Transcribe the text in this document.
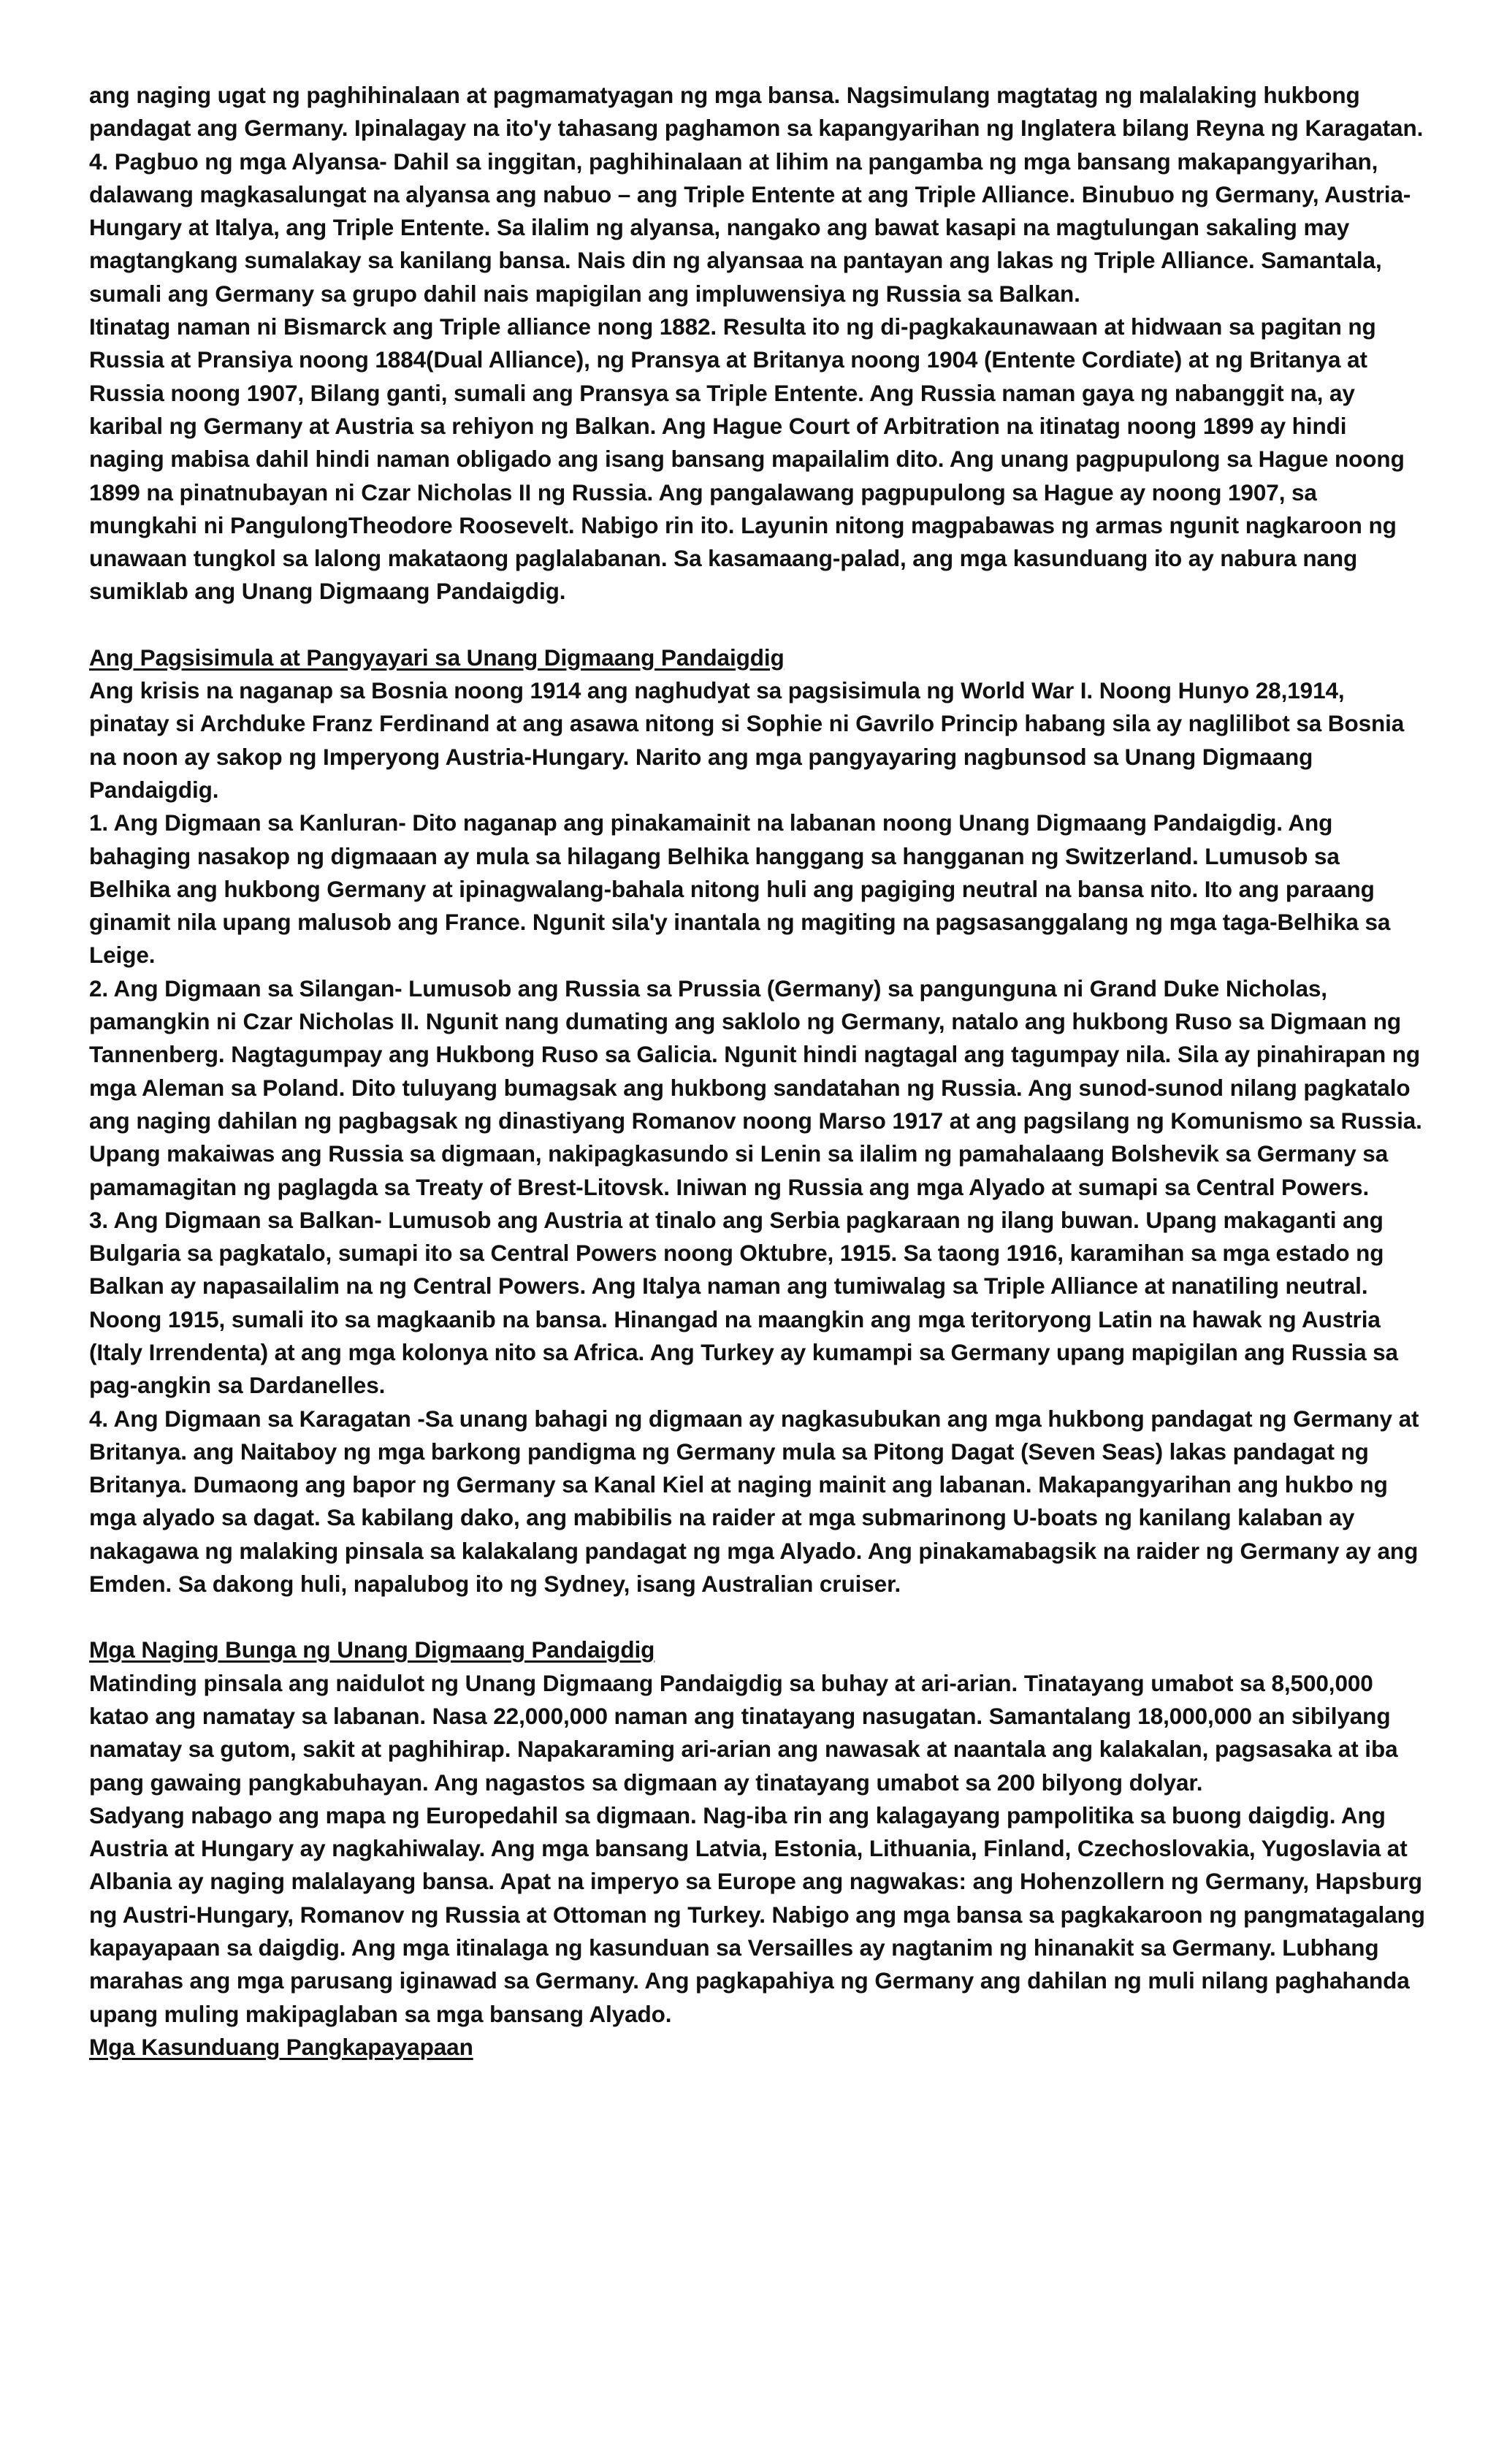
ang naging ugat ng paghihinalaan at pagmamatyagan ng mga bansa. Nagsimulang magtatag ng malalaking hukbong pandagat ang Germany. Ipinalagay na ito'y tahasang paghamon sa kapangyarihan ng Inglatera bilang Reyna ng Karagatan.

4. Pagbuo ng mga Alyansa- Dahil sa inggitan, paghihinalaan at lihim na pangamba ng mga bansang makapangyarihan, dalawang magkasalungat na alyansa ang nabuo – ang Triple Entente at ang Triple Alliance. Binubuo ng Germany, Austria-Hungary at Italya, ang Triple Entente. Sa ilalim ng alyansa, nangako ang bawat kasapi na magtulungan sakaling may magtangkang sumalakay sa kanilang bansa. Nais din ng alyansaa na pantayan ang lakas ng Triple Alliance. Samantala, sumali ang Germany sa grupo dahil nais mapigilan ang impluwensiya ng Russia sa Balkan.

Itinatag naman ni Bismarck ang Triple alliance nong 1882. Resulta ito ng di-pagkakaunawaan at hidwaan sa pagitan ng Russia at Pransiya noong 1884(Dual Alliance), ng Pransya at Britanya noong 1904 (Entente Cordiate) at ng Britanya at Russia noong 1907, Bilang ganti, sumali ang Pransya sa Triple Entente. Ang Russia naman gaya ng nabanggit na, ay karibal ng Germany at Austria sa rehiyon ng Balkan. Ang Hague Court of Arbitration na itinatag noong 1899 ay hindi naging mabisa dahil hindi naman obligado ang isang bansang mapailalim dito. Ang unang pagpupulong sa Hague noong 1899 na pinatnubayan ni Czar Nicholas II ng Russia. Ang pangalawang pagpupulong sa Hague ay noong 1907, sa mungkahi ni PangulongTheodore Roosevelt. Nabigo rin ito. Layunin nitong magpabawas ng armas ngunit nagkaroon ng unawaan tungkol sa lalong makataong paglalabanan. Sa kasamaang-palad, ang mga kasunduang ito ay nabura nang sumiklab ang Unang Digmaang Pandaigdig.

Ang Pagsisimula at Pangyayari sa Unang Digmaang Pandaigdig

Ang krisis na naganap sa Bosnia noong 1914 ang naghudyat sa pagsisimula ng World War I. Noong Hunyo 28,1914, pinatay si Archduke Franz Ferdinand at ang asawa nitong si Sophie ni Gavrilo Princip habang sila ay naglilibot sa Bosnia na noon ay sakop ng Imperyong Austria-Hungary. Narito ang mga pangyayaring nagbunsod sa Unang Digmaang Pandaigdig.

1. Ang Digmaan sa Kanluran- Dito naganap ang pinakamainit na labanan noong Unang Digmaang Pandaigdig. Ang bahaging nasakop ng digmaaan ay mula sa hilagang Belhika hanggang sa hangganan ng Switzerland. Lumusob sa Belhika ang hukbong Germany at ipinagwalang-bahala nitong huli ang pagiging neutral na bansa nito. Ito ang paraang ginamit nila upang malusob ang France. Ngunit sila'y inantala ng magiting na pagsasanggalang ng mga taga-Belhika sa Leige.

2. Ang Digmaan sa Silangan- Lumusob ang Russia sa Prussia (Germany) sa pangunguna ni Grand Duke Nicholas, pamangkin ni Czar Nicholas II. Ngunit nang dumating ang saklolo ng Germany, natalo ang hukbong Ruso sa Digmaan ng Tannenberg. Nagtagumpay ang Hukbong Ruso sa Galicia. Ngunit hindi nagtagal ang tagumpay nila. Sila ay pinahirapan ng mga Aleman sa Poland. Dito tuluyang bumagsak ang hukbong sandatahan ng Russia. Ang sunod-sunod nilang pagkatalo ang naging dahilan ng pagbagsak ng dinastiyang Romanov noong Marso 1917 at ang pagsilang ng Komunismo sa Russia. Upang makaiwas ang Russia sa digmaan, nakipagkasundo si Lenin sa ilalim ng pamahalaang Bolshevik sa Germany sa pamamagitan ng paglagda sa Treaty of Brest-Litovsk. Iniwan ng Russia ang mga Alyado at sumapi sa Central Powers.

3. Ang Digmaan sa Balkan- Lumusob ang Austria at tinalo ang Serbia pagkaraan ng ilang buwan. Upang makaganti ang Bulgaria sa pagkatalo, sumapi ito sa Central Powers noong Oktubre, 1915. Sa taong 1916, karamihan sa mga estado ng Balkan ay napasailalim na ng Central Powers. Ang Italya naman ang tumiwalag sa Triple Alliance at nanatiling neutral. Noong 1915, sumali ito sa magkaanib na bansa. Hinangad na maangkin ang mga teritoryong Latin na hawak ng Austria (Italy Irrendenta) at ang mga kolonya nito sa Africa. Ang Turkey ay kumampi sa Germany upang mapigilan ang Russia sa pag-angkin sa Dardanelles.

4. Ang Digmaan sa Karagatan -Sa unang bahagi ng digmaan ay nagkasubukan ang mga hukbong pandagat ng Germany at Britanya. ang Naitaboy ng mga barkong pandigma ng Germany mula sa Pitong Dagat (Seven Seas) lakas pandagat ng Britanya. Dumaong ang bapor ng Germany sa Kanal Kiel at naging mainit ang labanan. Makapangyarihan ang hukbo ng mga alyado sa dagat. Sa kabilang dako, ang mabibilis na raider at mga submarinong U-boats ng kanilang kalaban ay nakagawa ng malaking pinsala sa kalakalang pandagat ng mga Alyado. Ang pinakamabagsik na raider ng Germany ay ang Emden. Sa dakong huli, napalubog ito ng Sydney, isang Australian cruiser.

Mga Naging Bunga ng Unang Digmaang Pandaigdig

Matinding pinsala ang naidulot ng Unang Digmaang Pandaigdig sa buhay at ari-arian. Tinatayang umabot sa 8,500,000 katao ang namatay sa labanan. Nasa 22,000,000 naman ang tinatayang nasugatan. Samantalang 18,000,000 an sibilyang namatay sa gutom, sakit at paghihirap. Napakaraming ari-arian ang nawasak at naantala ang kalakalan, pagsasaka at iba pang gawaing pangkabuhayan. Ang nagastos sa digmaan ay tinatayang umabot sa 200 bilyong dolyar.

Sadyang nabago ang mapa ng Europedahil sa digmaan. Nag-iba rin ang kalagayang pampolitika sa buong daigdig. Ang Austria at Hungary ay nagkahiwalay. Ang mga bansang Latvia, Estonia, Lithuania, Finland, Czechoslovakia, Yugoslavia at Albania ay naging malalayang bansa. Apat na imperyo sa Europe ang nagwakas: ang Hohenzollern ng Germany, Hapsburg ng Austri-Hungary, Romanov ng Russia at Ottoman ng Turkey. Nabigo ang mga bansa sa pagkakaroon ng pangmatagalang kapayapaan sa daigdig. Ang mga itinalaga ng kasunduan sa Versailles ay nagtanim ng hinanakit sa Germany. Lubhang marahas ang mga parusang iginawad sa Germany. Ang pagkapahiya ng Germany ang dahilan ng muli nilang paghahanda upang muling makipaglaban sa mga bansang Alyado.

Mga Kasunduang Pangkapayapaan
